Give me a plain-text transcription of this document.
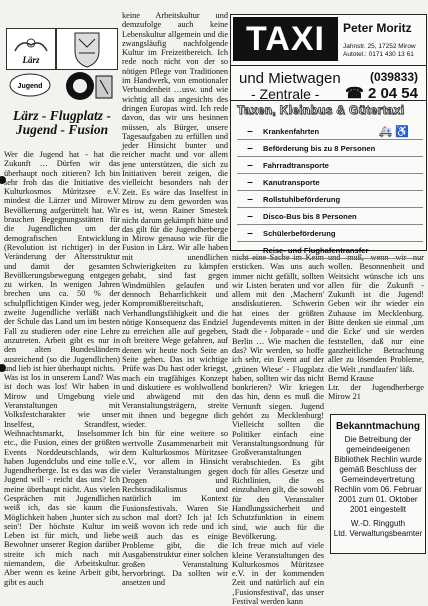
Lärz
Jugend
Lärz - Flugplatz - Jugend - Fusion

Wer die Jugend hat - hat die Zukunft … Dürfen wir das überhaupt noch zitieren? Ich bin sehr froh das die Initiative des Kulturkosmos Müritzsee e.V. mindest die Lärzer und Mirower Bevölkerung aufgerüttelt hat. Wir brauchen Begegnungsstätten für die Jugendlichen um der demografischen Entwicklung (Revolution ist richtiger) in der Veränderung der Altersstruktur und damit der gesamten Bevölkerungsbewegung entgegen zu wirken. In wenigen Jahren brechen uns ca. 50 % der schulpflichtigen Kinder weg, jeder zweite Jugendliche verläßt nach der Schule das Land um im besten Fall zu studieren oder eine Lehre anzutreten. Arbeit gibt es nur in den alten Bundesländern ausreichend (so die Jugendlichen) und lieb ist hier überhaupt nichts.

Was ist los in unserem Land? Was ist doch was los! Wir haben in Mirow und Umgebung viele Veranstaltungen mit Volksfestcharakter wie unser Inselfest, Strandfest, Weihnachtsmarkt, Inselsommer etc., die Fusion, eines der größten Events Norddeutschlands, wir haben Jugendclubs und eine tolle Jugendherberge. Ist es das was die Jugend will - reicht das uns? Ich meine überhaupt nicht. Aus vielen Gesprächen mit Jugendlichen weiß ich, das sie kaum die Möglichkeit haben ‚hunter sich zu sein'! Der höchste Kultur im Leben ist für mich, und liebe Bewohner unserer Region darüber streite ich mich nach mit niemandem, die Arbeitskultur. Aber wenn es keine Arbeit gibt, gibt es auch

keine Arbeitskultur und demzufolge auch keine Lebenskultur allgemein und die zwangsläufig nachfolgende Kultur im Freizeitbereich. Ich rede noch nicht von der so nötigen Pflege von Traditionen im Handwerk, von emotionaler Verbundenheit …usw. und wie wichtig all das angesichts des dringen Europas wird. Ich rede davon, das wir uns besinnen müssen, als Bürger, unsere Tagesaufgaben zu erfüllen und jeder Hinsicht bunter und reicher macht und vor allem jene unterstützen, die sich zu Initiativen bereit zeigen, die vielleicht besonders nah der Zeit. Es wäre das Inselfest in Mirow zu dem geworden was es ist, wenn Rainer Smestek nicht darum gekämpft hätte und das gilt für die Jugendherberge in Mirow genauso wie für die Fusion in Lärz. Wir alle haben mit unendlichen Schwierigkeiten zu kämpfen gehabt, sind fast gegen Windmühlen gelaufen und dennoch Beharrlichkeit und Kompromißbereitschaft, Verhandlungsfähigkeit und die nötige Konsequenz das Endziel zu erreichen alle auf gegeben, oft breitere Wege gefahren, auf denen wir heute noch Seite an Seite gehen. Das ist wichtige Prüfe was Du hast oder kriegst, mach ein tragfähiges Konzept und diskutiere es wohlwollend und abwägend mit den Veranstaltungsträgern, streite mit ihnen und begegne dich wieder.

Ich bin für eine weitere so wertvolle Zusammenarbeit mit dem Kulturkosmos Müritzsee e.V., vor allem in Hinsicht vieler Veranstaltungen gegen Drogen und Rechtsradikalismus und natürlich im Kontext Fusionsfestivals. Waren Sie schon mal dort? Ich ja! Ich weiß wovon ich rede und ich weiß auch das es einige Probleme gibt, die die Ausgabenstruktur einer solchen großen Veranstaltung hervorbringt. Da sollten wir ansetzen und

nicht eine Sache im Keim ersticken. Was uns auch immer nicht gefällt, sollten wir Listen beraten und vor allem mit den ‚Machern' ansdiskutieren. Schwerin hat eines der größten Jugendevents mitten in der Stadt die - Jobparade - und Berlin … Wie machen die das? Wir werden, so hoffe ich sehr, ein Event auf der ‚grünen Wiese' - Flugplatz haben, sollten wir das nicht bonkrieren? Wir kriegen das hin, denn es muß die Vernunft siegen. Jugend gehört zu Mecklenburg! Vielleicht sollten die Politiker einfach eine Veranstaltungsordnung für Großveranstaltungen verabschieden. Es gibt doch für alles Gesetze und Richtlinien, die es einzuhalten gilt, die sowohl für den Veranstalter Handlungssicherheit und Schutzfunktion in einem sind, wie auch für die Bevölkerung.

Ich freue mich auf viele kleine Veranstaltungen des Kulturkosmos Müritzsee e.V. in der kommenden Zeit und natürlich auf ein ‚Fusionsfestival', das unser Festival werden kann

und muß, wenn wir nur wollen. Besonnenheit und Weitsicht wünsche ich uns allen für die Zukunft - Zukunft ist die Jugend! Geben wir ihr wieder ein Zuhause im Mecklenburg. Bitte denken sie einmal ‚um die Ecke' und sie werden feststellen, daß nur eine ganzheitliche Betrachtung aller zu lösenden Probleme, die Welt ‚rundlaufen' läßt.

Bernd Krause

Ltr. der Jugendherberge Mirow 21

TAXI	Peter Moritz
Jahnstr. 25, 17252 Mirow
Autotel.: 0171 430 13 61
und Mietwagen
- Zentrale -
(039833)
☎ 2 04 54
Taxen, Kleinbus & Gütertaxi
–	Krankenfahrten	🚑 ♿
–	Beförderung bis zu 8 Personen
–	Fahrradtransporte
–	Kanutransporte
–	Rollstuhlbeförderung
–	Disco-Bus bis 8 Personen
–	Schülerbeförderung
–	Reise- und Flughafentransfer
Bekanntmachung
Die Betreibung der gemeindeeigenen Bibliothek Rechlin wurde gemäß Beschluss der Gemeindevertretung Rechlin vom 06. Februar 2001 zum 01. Oktober 2001 eingestellt
W.-D. Ringguth
Ltd. Verwaltungsbeamter
